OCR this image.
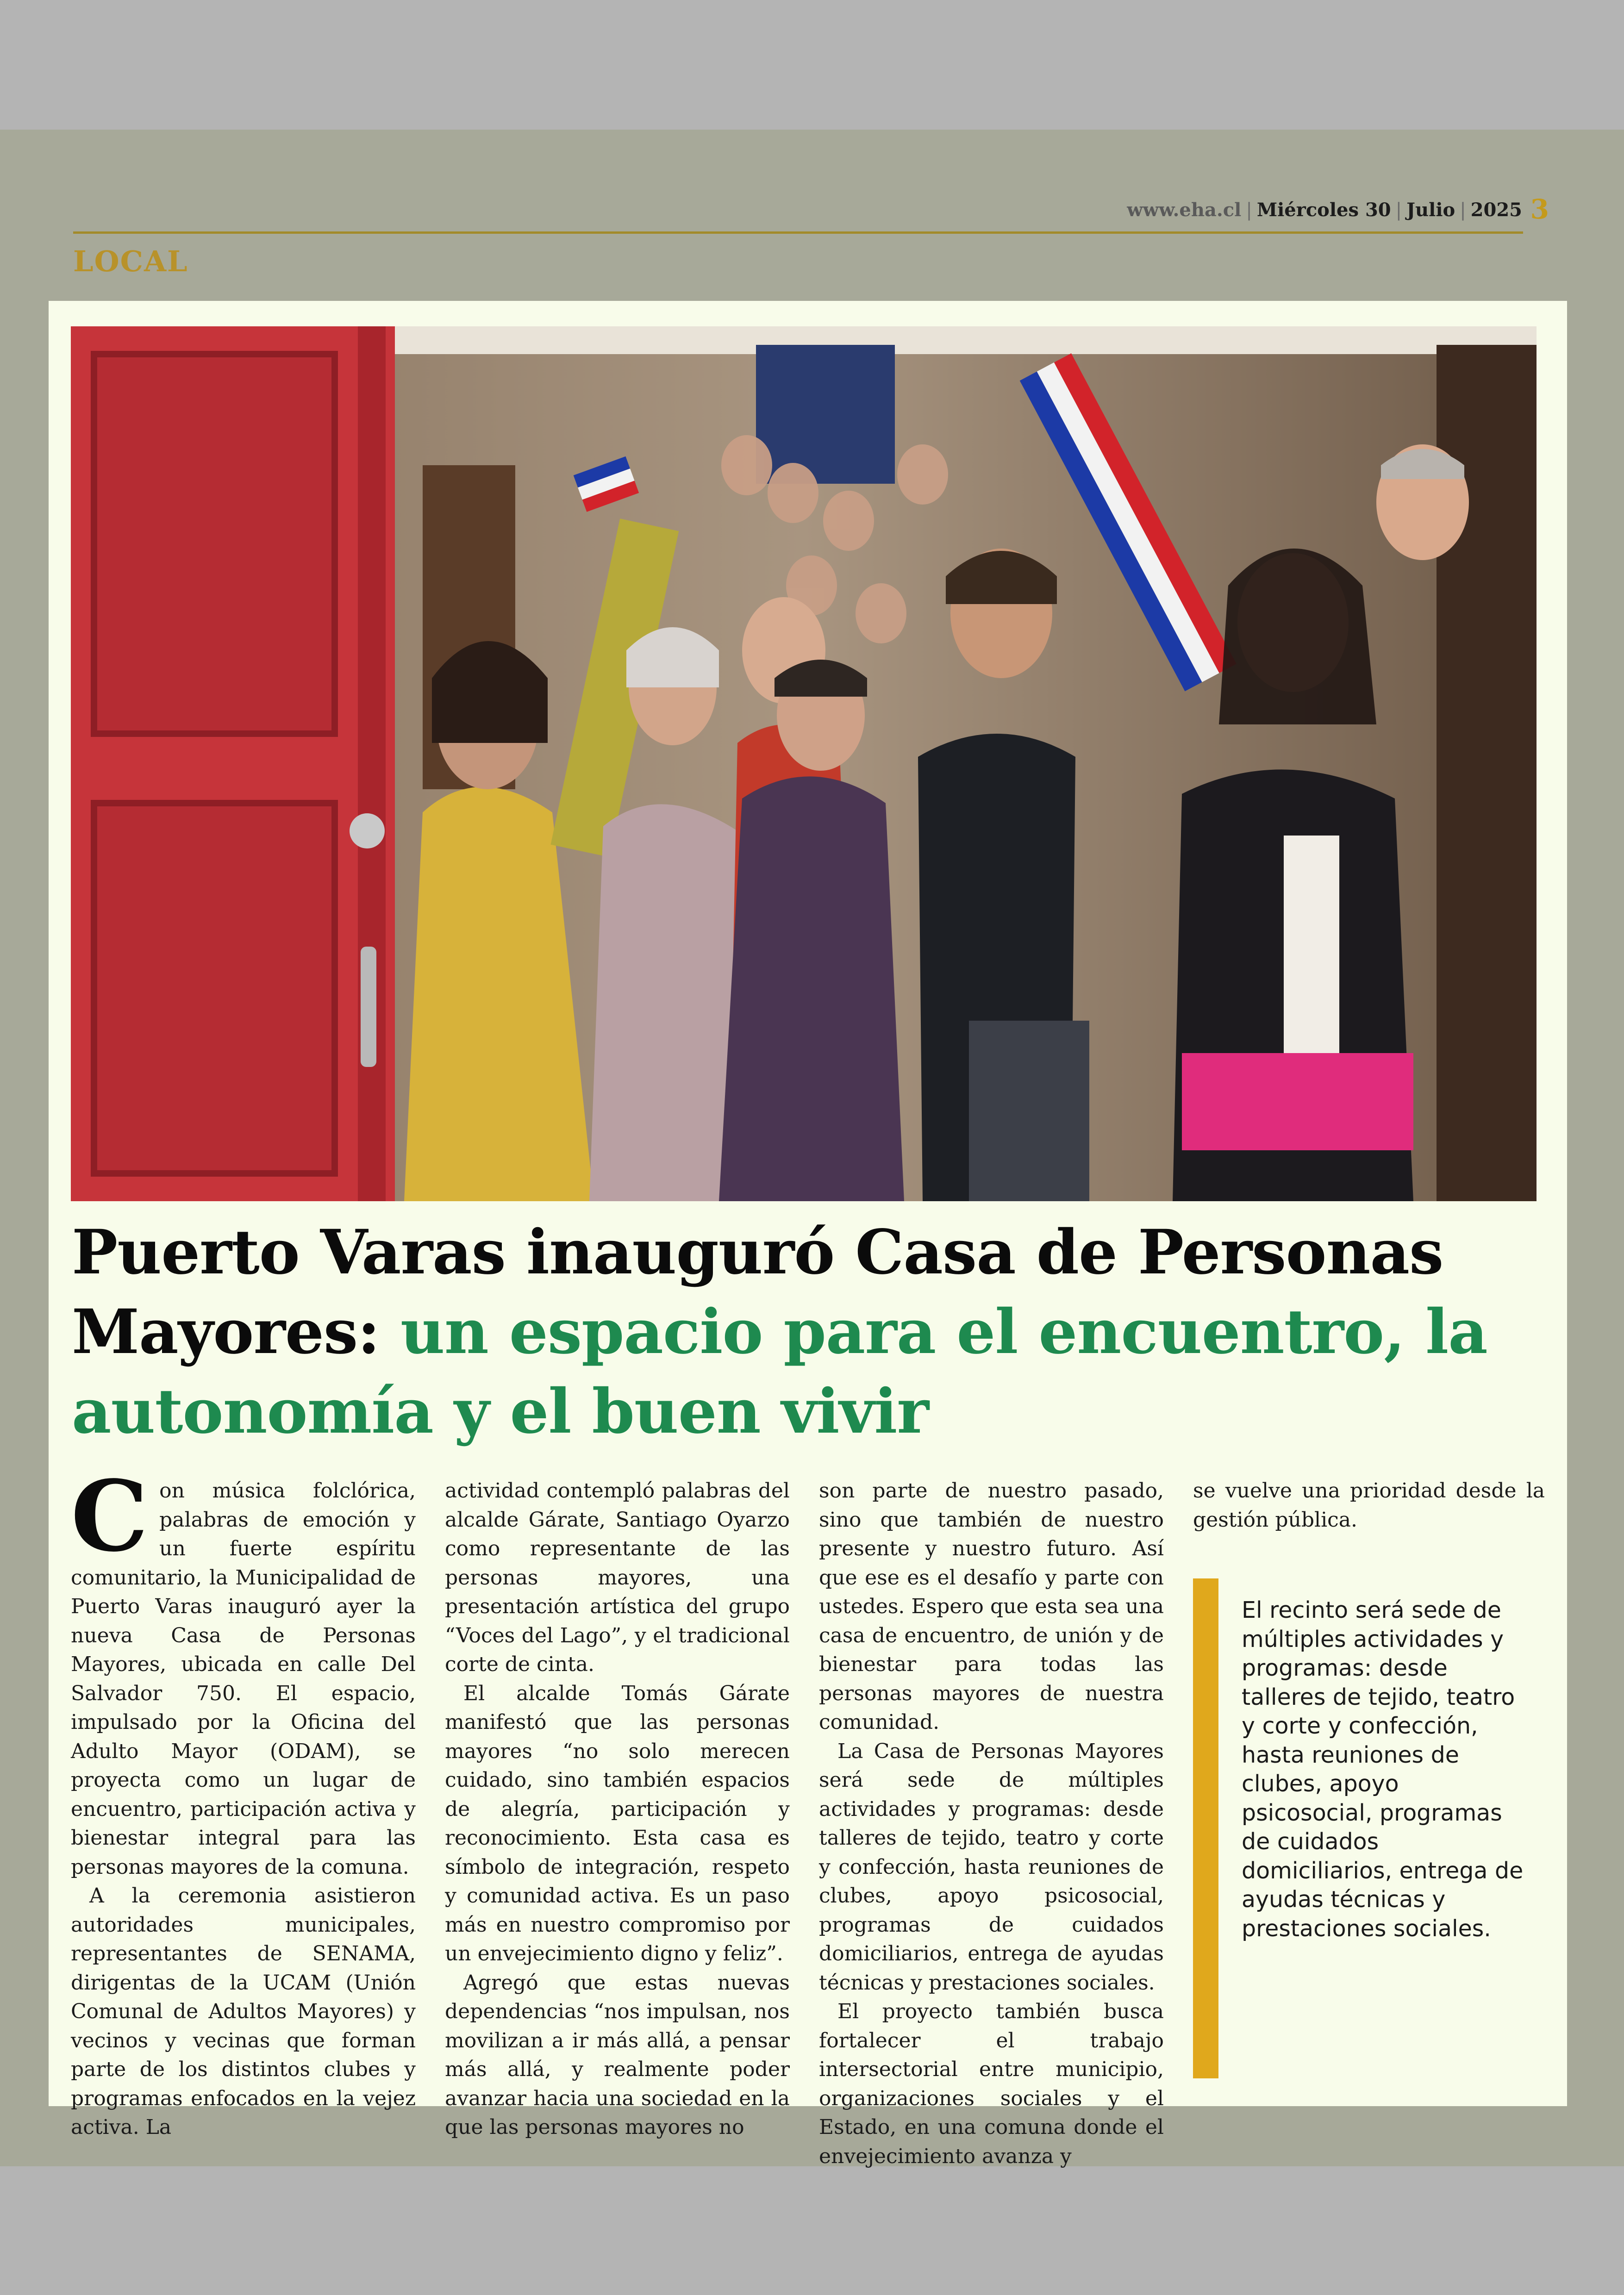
www.eha.cl | Miércoles 30 | Julio | 2025 3
LOCAL
Puerto Varas inauguró Casa de Personas Mayores: un espacio para el encuentro, la autonomía y el buen vivir

Con música folclórica, palabras de emoción y un fuerte espíritu comunitario, la Municipalidad de Puerto Varas inauguró ayer la nueva Casa de Personas Mayores, ubicada en calle Del Salvador 750. El espacio, impulsado por la Oficina del Adulto Mayor (ODAM), se proyecta como un lugar de encuentro, participación activa y bienestar integral para las personas mayores de la comuna.

A la ceremonia asistieron autoridades municipales, representantes de SENAMA, dirigentas de la UCAM (Unión Comunal de Adultos Mayores) y vecinos y vecinas que forman parte de los distintos clubes y programas enfocados en la vejez activa. La

actividad contempló palabras del alcalde Gárate, Santiago Oyarzo como representante de las personas mayores, una presentación artística del grupo “Voces del Lago”, y el tradicional corte de cinta.

El alcalde Tomás Gárate manifestó que las personas mayores “no solo merecen cuidado, sino también espacios de alegría, participación y reconocimiento. Esta casa es símbolo de integración, respeto y comunidad activa. Es un paso más en nuestro compromiso por un envejecimiento digno y feliz”.

Agregó que estas nuevas dependencias “nos impulsan, nos movilizan a ir más allá, a pensar más allá, y realmente poder avanzar hacia una sociedad en la que las personas mayores no

son parte de nuestro pasado, sino que también de nuestro presente y nuestro futuro. Así que ese es el desafío y parte con ustedes. Espero que esta sea una casa de encuentro, de unión y de bienestar para todas las personas mayores de nuestra comunidad.

La Casa de Personas Mayores será sede de múltiples actividades y programas: desde talleres de tejido, teatro y corte y confección, hasta reuniones de clubes, apoyo psicosocial, programas de cuidados domiciliarios, entrega de ayudas técnicas y prestaciones sociales.

El proyecto también busca fortalecer el trabajo intersectorial entre municipio, organizaciones sociales y el Estado, en una comuna donde el envejecimiento avanza y

se vuelve una prioridad desde la gestión pública.

El recinto será sede de múltiples actividades y programas: desde talleres de tejido, teatro y corte y confección, hasta reuniones de clubes, apoyo psicosocial, programas de cuidados domiciliarios, entrega de ayudas técnicas y prestaciones sociales.
